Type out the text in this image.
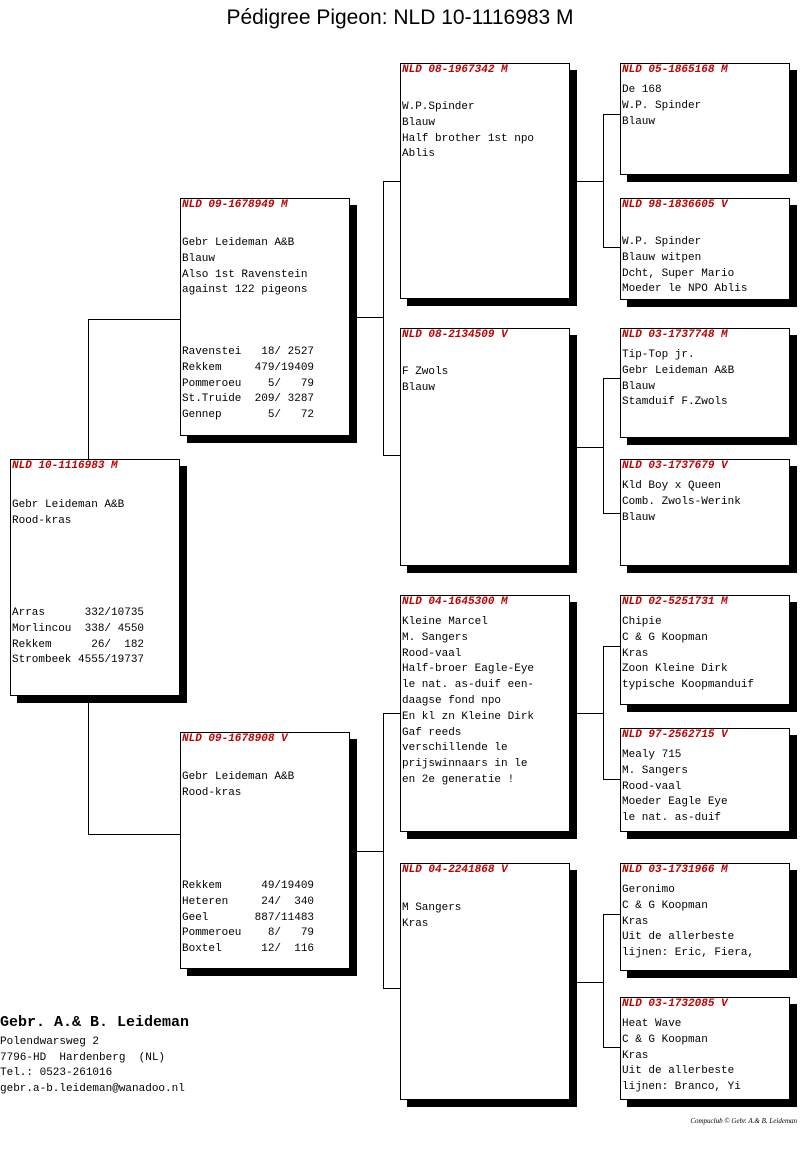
Pédigree Pigeon: NLD 10-1116983 M
NLD 10-1116983 M
Gebr Leideman A&B
Rood-kras
Arras      332/10735
Morlincou  338/ 4550
Rekkem      26/  182
Strombeek 4555/19737
NLD 09-1678949 M
Gebr Leideman A&B
Blauw
Also 1st Ravenstein
against 122 pigeons
Ravenstei   18/ 2527
Rekkem     479/19409
Pommeroeu    5/   79
St.Truide  209/ 3287
Gennep       5/   72
NLD 09-1678908 V
Gebr Leideman A&B
Rood-kras
Rekkem      49/19409
Heteren     24/  340
Geel       887/11483
Pommeroeu    8/   79
Boxtel      12/  116
NLD 08-1967342 M
W.P.Spinder
Blauw
Half brother 1st npo
Ablis
NLD 08-2134509 V
F Zwols
Blauw
NLD 04-1645300 M
Kleine Marcel
M. Sangers
Rood-vaal
Half-broer Eagle-Eye
le nat. as-duif een-
daagse fond npo
En kl zn Kleine Dirk
Gaf reeds
verschillende le
prijswinnaars in le
en 2e generatie !
NLD 04-2241868 V
M Sangers
Kras
NLD 05-1865168 M
De 168
W.P. Spinder
Blauw
NLD 98-1836605 V
W.P. Spinder
Blauw witpen
Dcht, Super Mario
Moeder le NPO Ablis
NLD 03-1737748 M
Tip-Top jr.
Gebr Leideman A&B
Blauw
Stamduif F.Zwols
NLD 03-1737679 V
Kld Boy x Queen
Comb. Zwols-Werink
Blauw
NLD 02-5251731 M
Chipie
C & G Koopman
Kras
Zoon Kleine Dirk
typische Koopmanduif
NLD 97-2562715 V
Mealy 715
M. Sangers
Rood-vaal
Moeder Eagle Eye
le nat. as-duif
NLD 03-1731966 M
Geronimo
C & G Koopman
Kras
Uit de allerbeste
lijnen: Eric, Fiera,
NLD 03-1732085 V
Heat Wave
C & G Koopman
Kras
Uit de allerbeste
lijnen: Branco, Yi
Gebr. A.& B. Leideman
Polendwarsweg 2
7796-HD  Hardenberg  (NL)
Tel.: 0523-261016
gebr.a-b.leideman@wanadoo.nl
Compuclub © Gebr. A.& B. Leideman
